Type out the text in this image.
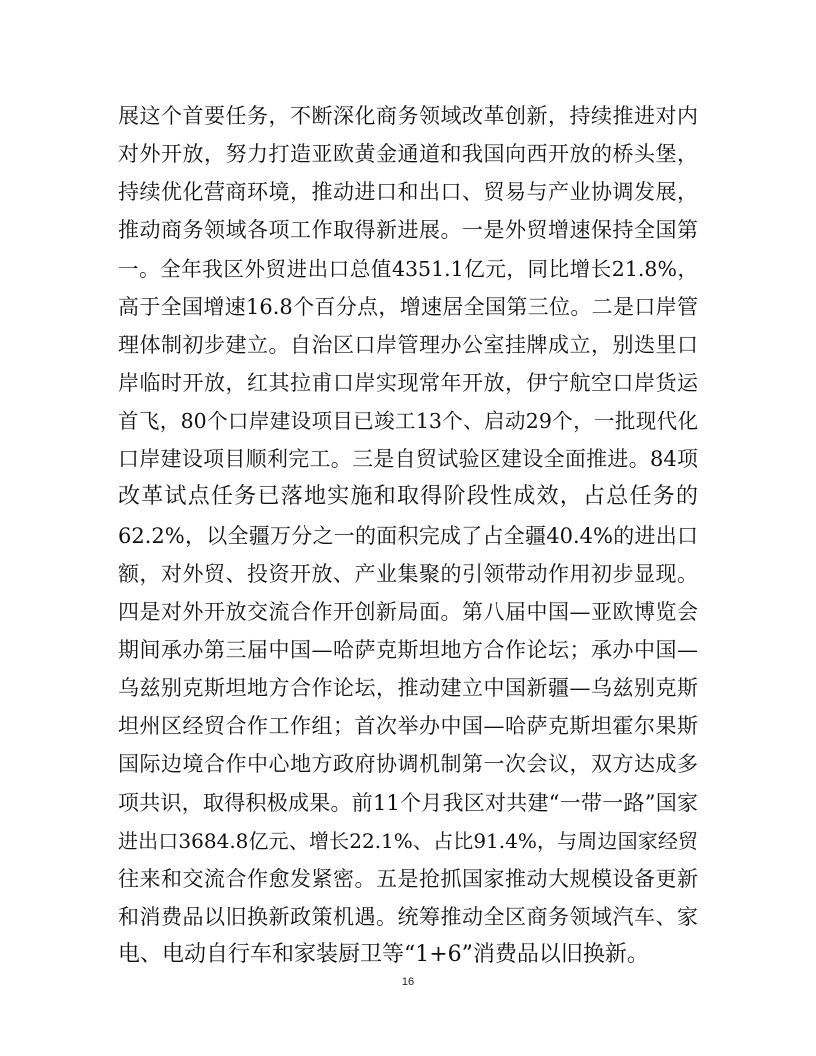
展这个首要任务，不断深化商务领域改革创新，持续推进对内
对外开放，努力打造亚欧黄金通道和我国向西开放的桥头堡，
持续优化营商环境，推动进口和出口、贸易与产业协调发展，
推动商务领域各项工作取得新进展。一是外贸增速保持全国第
一。全年我区外贸进出口总值4351.1亿元，同比增长21.8%，
高于全国增速16.8个百分点，增速居全国第三位。二是口岸管
理体制初步建立。自治区口岸管理办公室挂牌成立，别迭里口
岸临时开放，红其拉甫口岸实现常年开放，伊宁航空口岸货运
首飞，80个口岸建设项目已竣工13个、启动29个，一批现代化
口岸建设项目顺利完工。三是自贸试验区建设全面推进。84项
改革试点任务已落地实施和取得阶段性成效，占总任务的
62.2%，以全疆万分之一的面积完成了占全疆40.4%的进出口
额，对外贸、投资开放、产业集聚的引领带动作用初步显现。
四是对外开放交流合作开创新局面。第八届中国—亚欧博览会
期间承办第三届中国—哈萨克斯坦地方合作论坛；承办中国—
乌兹别克斯坦地方合作论坛，推动建立中国新疆—乌兹别克斯
坦州区经贸合作工作组；首次举办中国—哈萨克斯坦霍尔果斯
国际边境合作中心地方政府协调机制第一次会议，双方达成多
项共识，取得积极成果。前11个月我区对共建“一带一路”国家
进出口3684.8亿元、增长22.1%、占比91.4%，与周边国家经贸
往来和交流合作愈发紧密。五是抢抓国家推动大规模设备更新
和消费品以旧换新政策机遇。统筹推动全区商务领域汽车、家
电、电动自行车和家装厨卫等“1+6”消费品以旧换新。
16
